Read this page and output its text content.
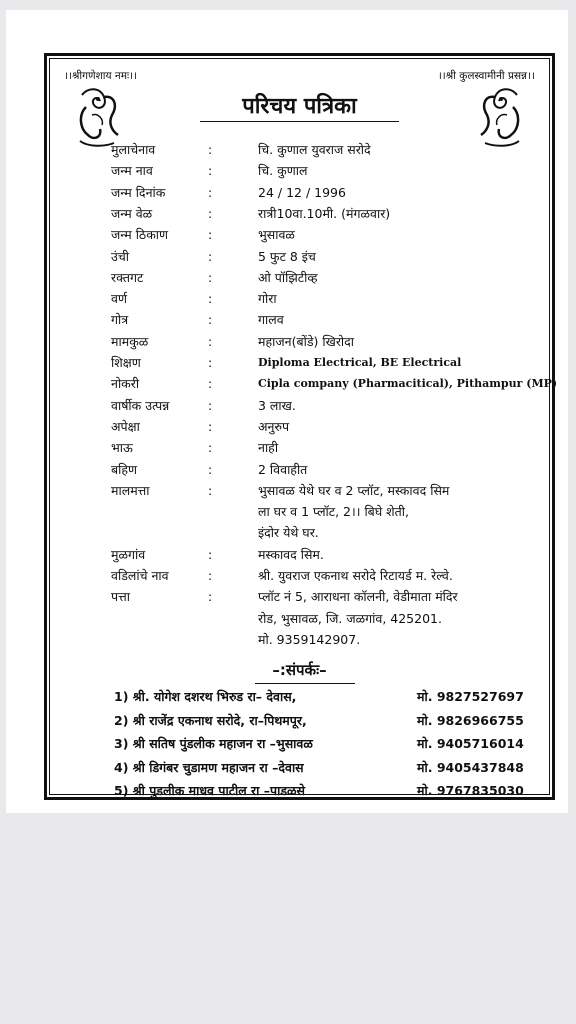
।।श्रीगणेशाय नमः।।	।।श्री कुलस्वामीनी प्रसन्न।।
परिचय पत्रिका
मुलाचेनाव	:	चि. कुणाल युवराज सरोदे
जन्म नाव	:	चि. कुणाल
जन्म दिनांक	:	24 / 12 / 1996
जन्म वेळ	:	रात्री10वा.10मी. (मंगळवार)
जन्म ठिकाण	:	भुसावळ
उंची	:	5 फुट 8 इंच
रक्तगट	:	ओ पॉझिटीव्ह
वर्ण	:	गोरा
गोत्र	:	गालव
मामकुळ	:	महाजन(बोंडे) खिरोदा
शिक्षण	:	Diploma Electrical, BE Electrical
नोकरी	:	Cipla company (Pharmacitical), Pithampur (MP)
वार्षीक उत्पन्न	:	3 लाख.
अपेक्षा	:	अनुरुप
भाऊ	:	नाही
बहिण	:	2 विवाहीत
मालमत्ता	:	भुसावळ येथे घर व 2 प्लॉट, मस्कावद सिम
ला घर व 1 प्लॉट, 2।। बिघे शेती,
इंदोर येथे घर.
मुळगांव	:	मस्कावद सिम.
वडिलांचे नाव	:	श्री. युवराज एकनाथ सरोदे रिटायर्ड म. रेल्वे.
पत्ता	:	प्लॉट नं 5, आराधना कॉलनी, वेडीमाता मंदिर
रोड, भुसावळ, जि. जळगांव, 425201.
मो. 9359142907.
–:संपर्कः–
1) श्री. योगेश दशरथ भिरुड रा– देवास,	मो. 9827527697
2) श्री राजेंद्र एकनाथ सरोदे, रा–पिथमपूर,	मो. 9826966755
3) श्री सतिष पुंडलीक महाजन रा –भुसावळ	मो. 9405716014
4) श्री डिगंबर चुडामण महाजन रा –देवास	मो. 9405437848
5) श्री पुडलीक माधव पाटील रा –पाडळसे	मो. 9767835030
